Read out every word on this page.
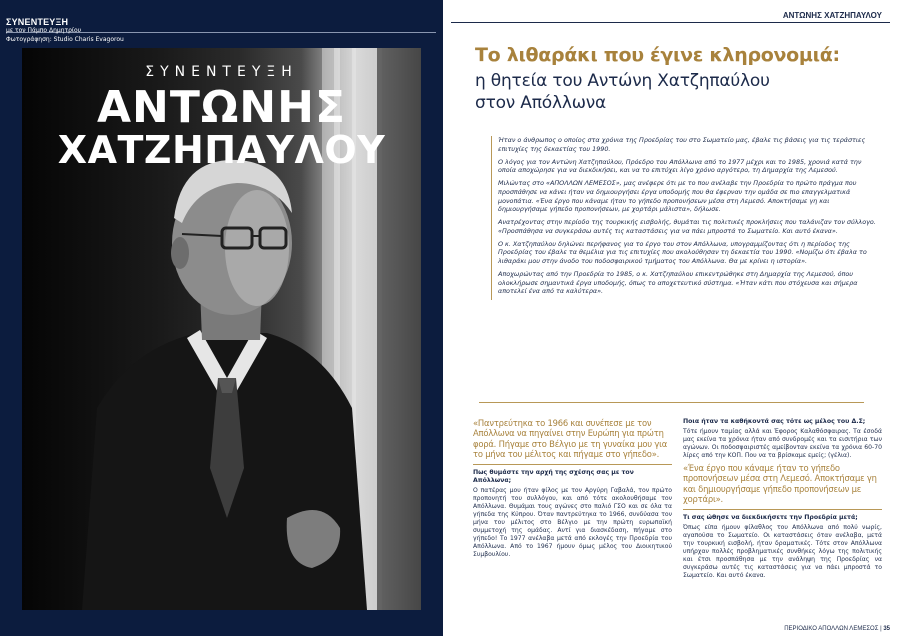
ΣΥΝΕΝΤΕΥΞΗ
με τον Πάμπο Δημητρίου
Φωτογράφηση: Studio Charis Evagorou
ΣΥΝΕΝΤΕΥΞΗ
ΑΝΤΩΝΗΣ
ΧΑΤΖΗΠΑΥΛΟΥ
ΑΝΤΩΝΗΣ ΧΑΤΖΗΠΑΥΛΟΥ
Το λιθαράκι που έγινε κληρονομιά:
η θητεία του Αντώνη Χατζηπαύλου
στον Απόλλωνα

Ήταν ο άνθρωπος ο οποίος στα χρόνια της Προεδρίας του στο Σωματείο μας, έβαλε τις βάσεις για τις τεράστιες επιτυχίες της δεκαετίας του 1990.

Ο λόγος για τον Αντώνη Χατζηπαύλου, Πρόεδρο του Απόλλωνα από το 1977 μέχρι και το 1985, χρονιά κατά την οποία αποχώρησε για να διεκδικήσει, και να το επιτύχει λίγο χρόνο αργότερο, τη Δημαρχία της Λεμεσού.

Μιλώντας στο «ΑΠΟΛΛΩΝ ΛΕΜΕΣΟΣ», μας ανέφερε ότι με το που ανέλαβε την Προεδρία το πρώτο πράγμα που προσπάθησε να κάνει ήταν να δημιουργήσει έργα υποδομής που θα έφερναν την ομάδα σε πιο επαγγελματικά μονοπάτια. «Ένα έργο που κάναμε ήταν το γήπεδο προπονήσεων μέσα στη Λεμεσό. Αποκτήσαμε γη και δημιουργήσαμε γήπεδο προπονήσεων, με χορτάρι μάλιστα», δήλωσε.

Ανατρέχοντας στην περίοδο της τουρκικής εισβολής, θυμάται τις πολιτικές προκλήσεις που ταλάνιζαν τον σύλλογο. «Προσπάθησα να συγκεράσω αυτές τις καταστάσεις για να πάει μπροστά το Σωματείο. Και αυτό έκανα».

Ο κ. Χατζηπαύλου δηλώνει περήφανος για το έργο του στον Απόλλωνα, υπογραμμίζοντας ότι η περίοδος της Προεδρίας του έβαλε τα θεμέλια για τις επιτυχίες που ακολούθησαν τη δεκαετία του 1990. «Νομίζω ότι έβαλα το λιθαράκι μου στην άνοδο του ποδοσφαιρικού τμήματος του Απόλλωνα. Θα με κρίνει η ιστορία».

Αποχωρώντας από την Προεδρία το 1985, ο κ. Χατζηπαύλου επικεντρώθηκε στη Δημαρχία της Λεμεσού, όπου ολοκλήρωσε σημαντικά έργα υποδομής, όπως το αποχετευτικό σύστημα. «Ήταν κάτι που στόχευσα και σήμερα αποτελεί ένα από τα καλύτερα».

«Παντρεύτηκα το 1966 και συνέπεσε με τον Απόλλωνα να πηγαίνει στην Ευρώπη για πρώτη φορά. Πήγαμε στο Βέλγιο με τη γυναίκα μου για το μήνα του μέλιτος και πήγαμε στο γήπεδο».
Πως θυμάστε την αρχή της σχέσης σας με τον Απόλλωνα;
Ο πατέρας μου ήταν φίλος με τον Αργύρη Γαβαλά, τον πρώτο προπονητή του συλλόγου, και από τότε ακολουθήσαμε τον Απόλλωνα. Θυμάμαι τους αγώνες στο παλιό ΓΣΟ και σε όλα τα γήπεδα της Κύπρου. Όταν παντρεύτηκα το 1966, συνδύασα τον μήνα του μέλιτος στο Βέλγιο με την πρώτη ευρωπαϊκή συμμετοχή της ομάδας. Αντί για διασκέδαση, πήγαμε στο γήπεδο! Το 1977 ανέλαβα μετά από εκλογές την Προεδρία του Απόλλωνα. Από το 1967 ήμουν όμως μέλος του Διοικητικού Συμβουλίου.
Ποια ήταν τα καθήκοντά σας τότε ως μέλος του Δ.Σ;
Τότε ήμουν ταμίας αλλά και Έφορος Καλαθόσφαιρας. Τα έσοδά μας εκείνα τα χρόνια ήταν από συνδρομές και τα εισιτήρια των αγώνων. Οι ποδοσφαιριστές αμείβονταν εκείνα τα χρόνια 60-70 λίρες από την ΚΟΠ. Που να τα βρίσκαμε εμείς; (γέλια).
«Ένα έργο που κάναμε ήταν το γήπεδο προπονήσεων μέσα στη Λεμεσό. Αποκτήσαμε γη και δημιουργήσαμε γήπεδο προπονήσεων με χορτάρι».
Τι σας ώθησε να διεκδικήσετε την Προεδρία μετά;
Όπως είπα ήμουν φίλαθλος του Απόλλωνα από πολύ νωρίς, αγαπούσα το Σωματείο. Οι καταστάσεις όταν ανέλαβα, μετά την τουρκική εισβολή, ήταν δραματικές. Τότε στον Απόλλωνα υπήρχαν πολλές προβληματικές συνθήκες λόγω της πολιτικής και έτσι προσπάθησα με την ανάληψη της Προεδρίας να συγκεράσω αυτές τις καταστάσεις για να πάει μπροστά το Σωματείο. Και αυτό έκανα.
ΠΕΡΙΟΔΙΚΟ ΑΠΟΛΛΩΝ ΛΕΜΕΣΟΣ | 35
